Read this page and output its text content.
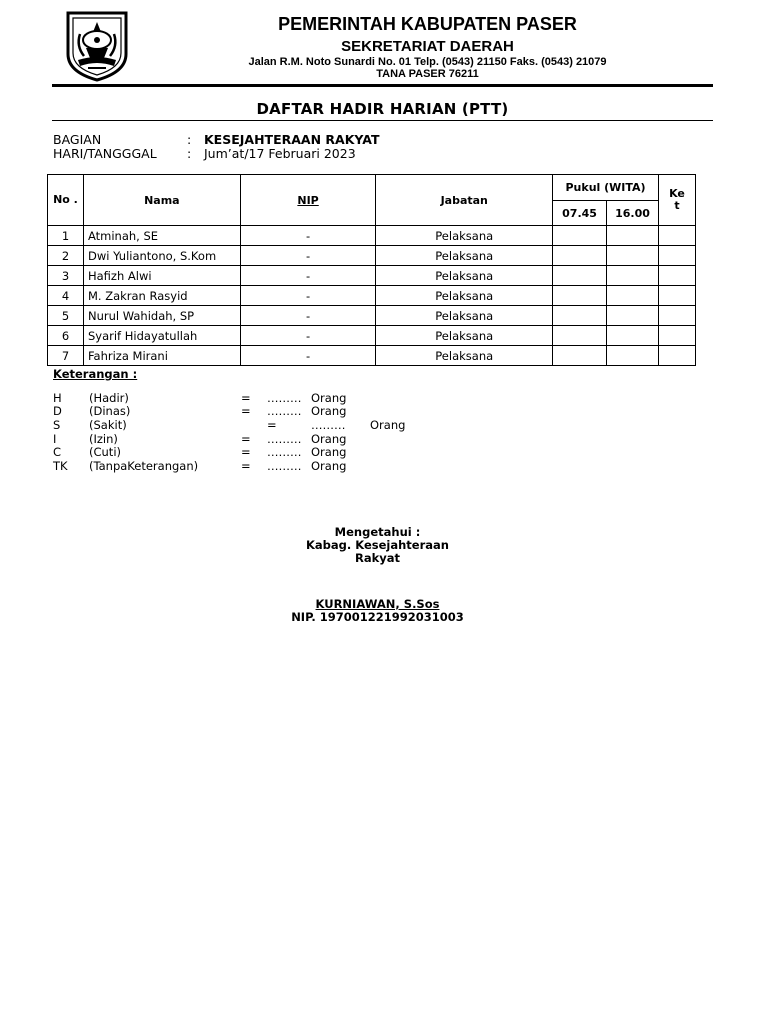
PEMERINTAH KABUPATEN PASER
SEKRETARIAT DAERAH
Jalan R.M. Noto Sunardi No. 01 Telp. (0543) 21150 Faks. (0543) 21079
TANA PASER 76211
DAFTAR HADIR HARIAN (PTT)
BAGIAN	: KESEJAHTERAAN RAKYAT
HARI/TANGGGAL : Jum’at/17 Februari 2023
No .	Nama	NIP	Jabatan	Pukul (WITA)		Ke t
				07.45	16.00	
1	Atminah, SE	-	Pelaksana			
2	Dwi Yuliantono, S.Kom	-	Pelaksana			
3	Hafizh Alwi	-	Pelaksana			
4	M. Zakran Rasyid	-	Pelaksana			
5	Nurul Wahidah, SP	-	Pelaksana			
6	Syarif Hidayatullah	-	Pelaksana			
7	Fahriza Mirani	-	Pelaksana			
Keterangan :
H (Hadir)	= ……… Orang
D (Dinas)	= ……… Orang
S (Sakit)	=	……… Orang
I	(Izin)	= ……… Orang
C (Cuti)	= ……… Orang
TK (TanpaKeterangan)	= ……… Orang
Mengetahui :
Kabag. Kesejahteraan
Rakyat
KURNIAWAN, S.Sos
NIP. 197001221992031003
